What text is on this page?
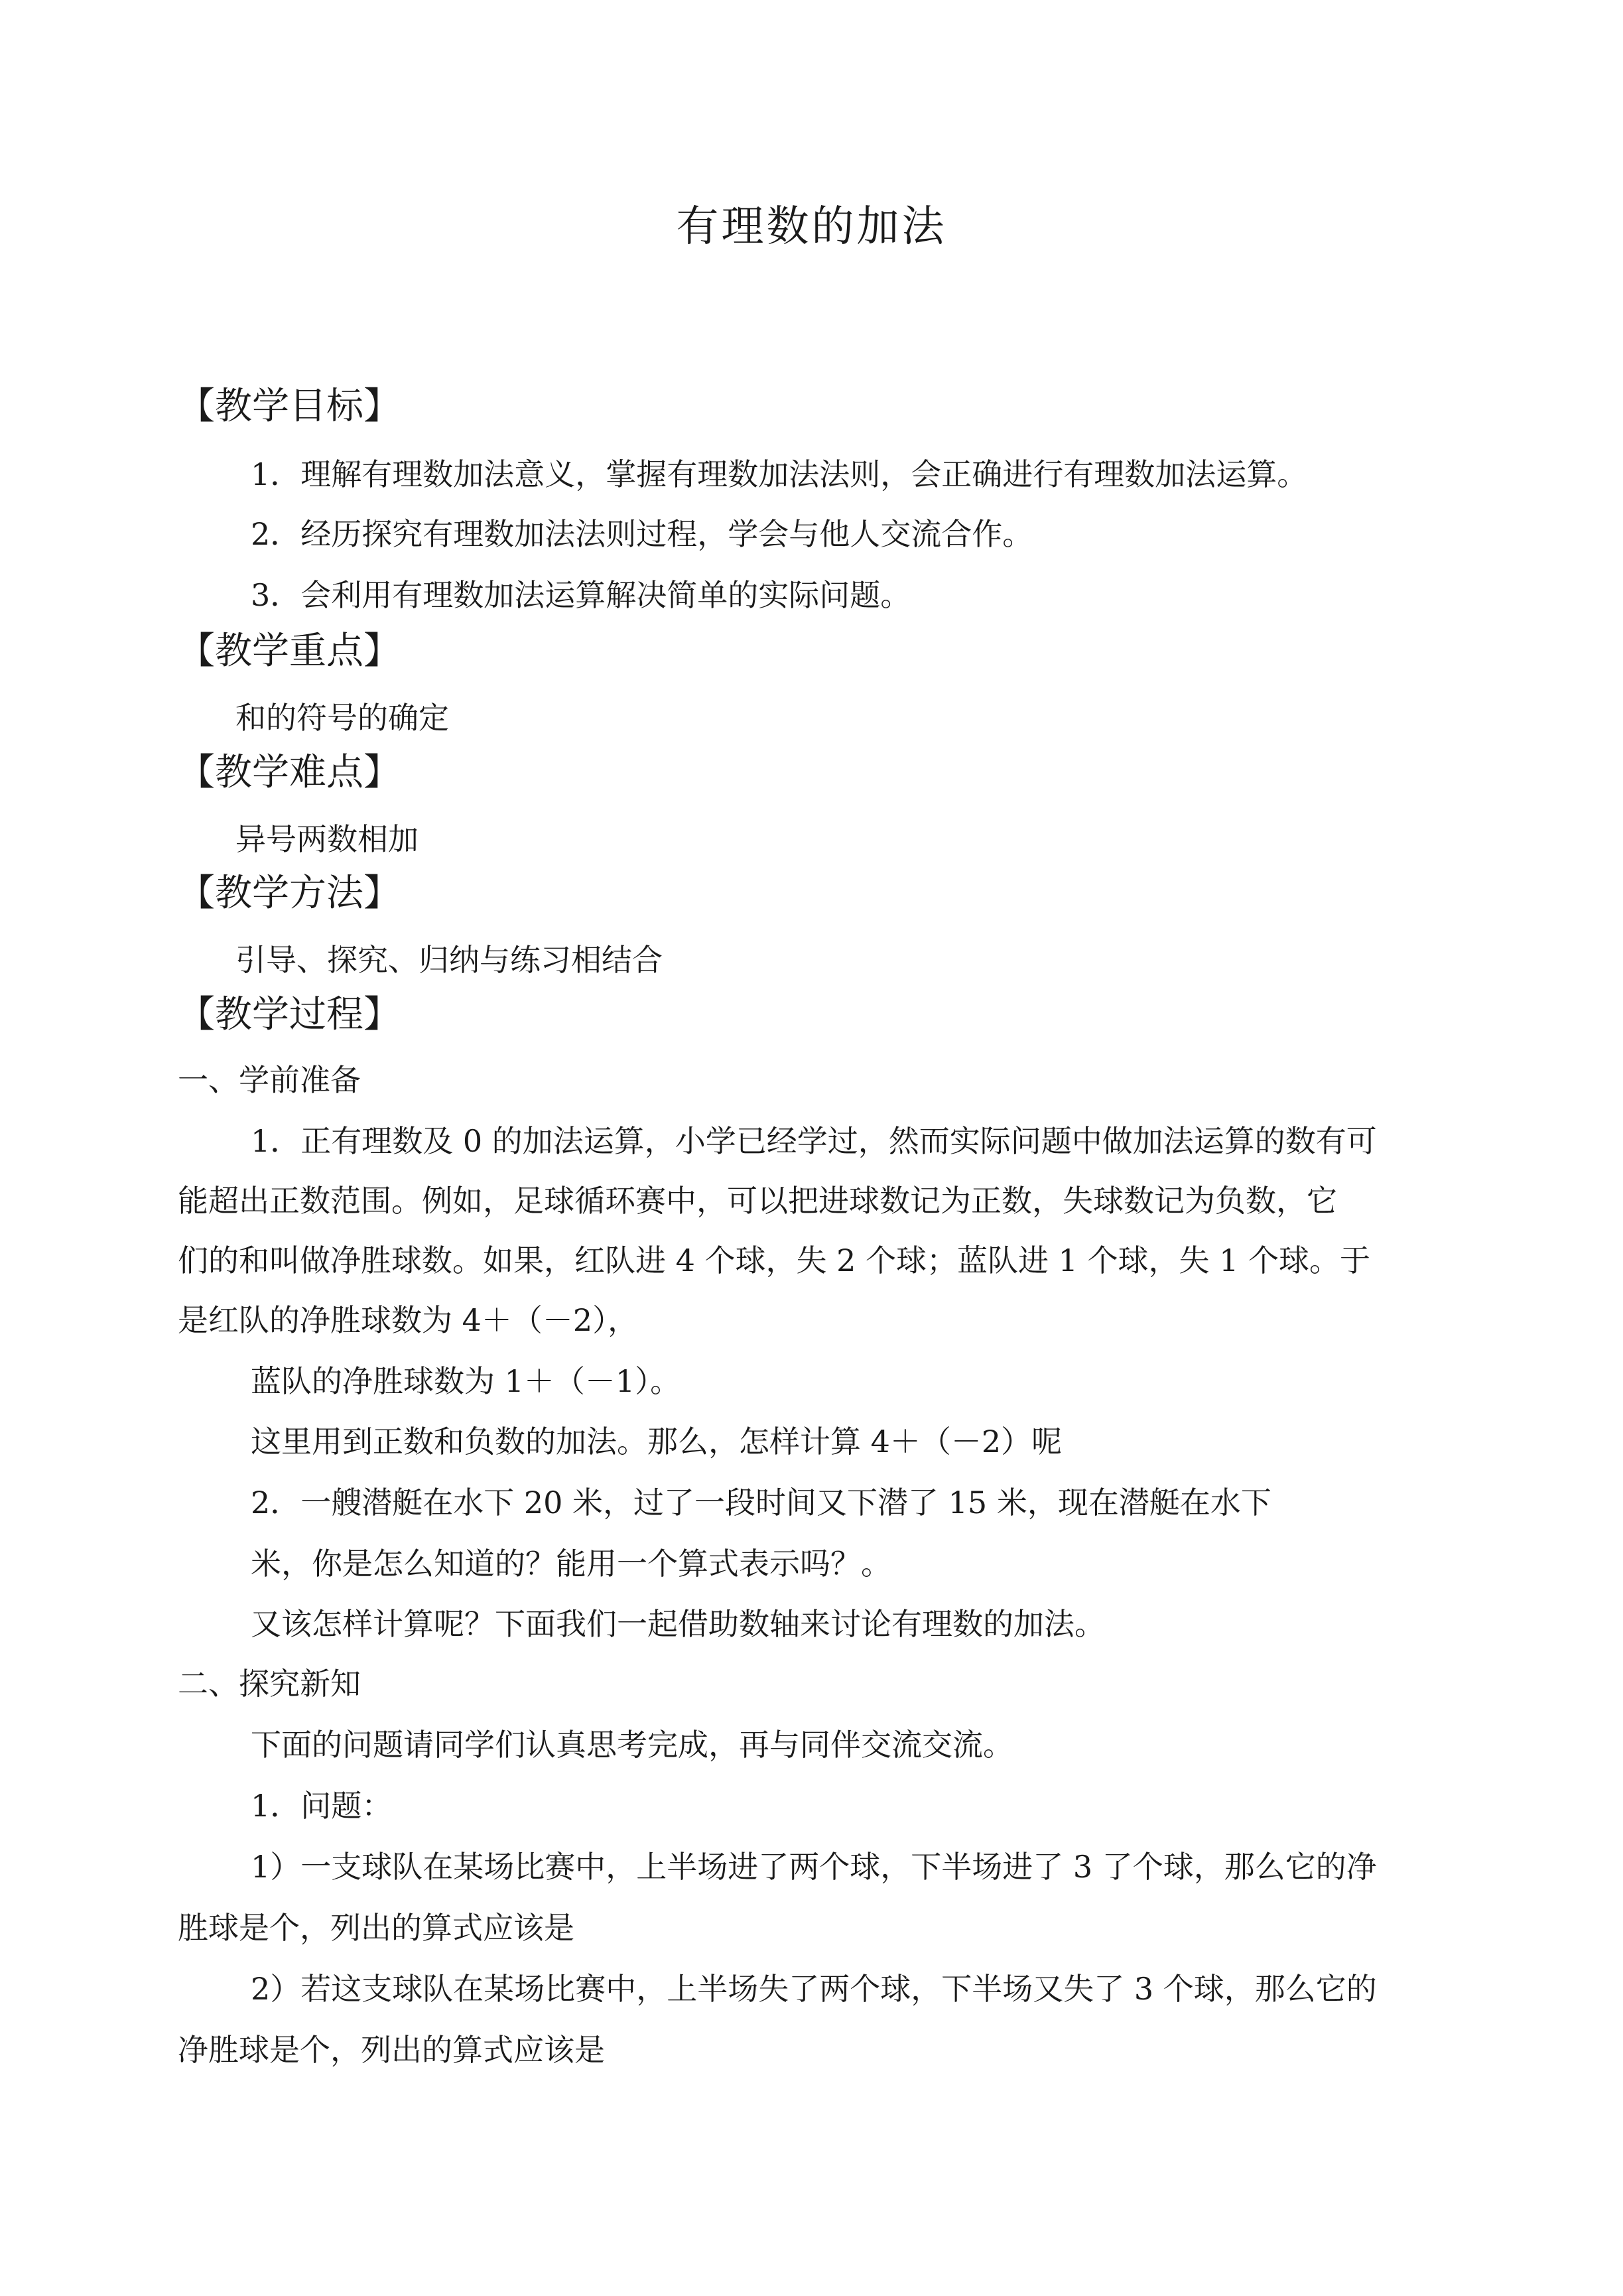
有理数的加法
【教学目标】
1．理解有理数加法意义，掌握有理数加法法则，会正确进行有理数加法运算。
2．经历探究有理数加法法则过程，学会与他人交流合作。
3．会利用有理数加法运算解决简单的实际问题。
【教学重点】
和的符号的确定
【教学难点】
异号两数相加
【教学方法】
引导、探究、归纳与练习相结合
【教学过程】
一、学前准备
1．正有理数及 0 的加法运算，小学已经学过，然而实际问题中做加法运算的数有可
能超出正数范围。例如，足球循环赛中，可以把进球数记为正数，失球数记为负数，它
们的和叫做净胜球数。如果，红队进 4 个球，失 2 个球；蓝队进 1 个球，失 1 个球。于
是红队的净胜球数为 4＋（－2），
蓝队的净胜球数为 1＋（－1）。
这里用到正数和负数的加法。那么，怎样计算 4＋（－2）呢
2．一艘潜艇在水下 20 米，过了一段时间又下潜了 15 米，现在潜艇在水下
米，你是怎么知道的？能用一个算式表示吗？。
又该怎样计算呢？下面我们一起借助数轴来讨论有理数的加法。
二、探究新知
下面的问题请同学们认真思考完成，再与同伴交流交流。
1．问题：
1）一支球队在某场比赛中，上半场进了两个球，下半场进了 3 了个球，那么它的净
胜球是个，列出的算式应该是
2）若这支球队在某场比赛中，上半场失了两个球，下半场又失了 3 个球，那么它的
净胜球是个，列出的算式应该是
